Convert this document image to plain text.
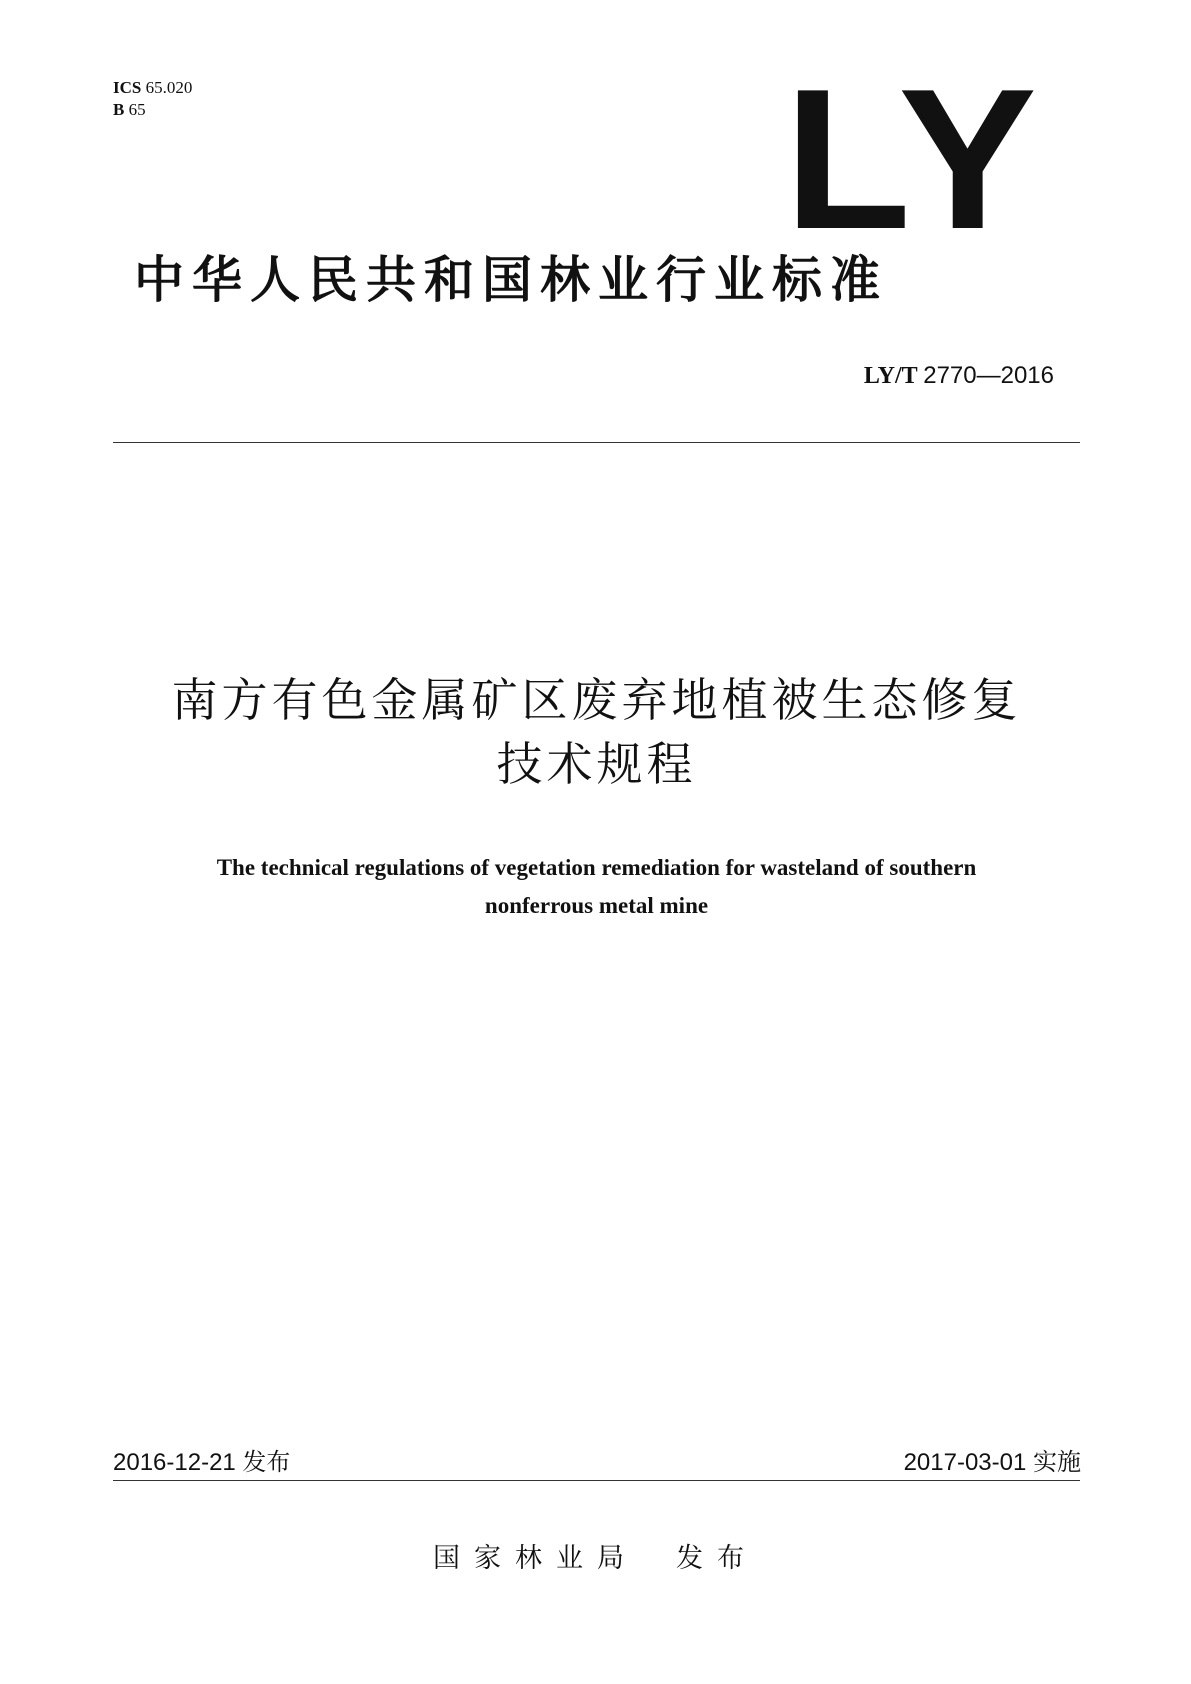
ICS 65.020
B 65	LY
中华人民共和国林业行业标准
LY/T 2770—2016
南方有色金属矿区废弃地植被生态修复
技术规程
The technical regulations of vegetation remediation for wasteland of southern
nonferrous metal mine
2016-12-21 发布	2017-03-01 实施
国家林业局 发布
